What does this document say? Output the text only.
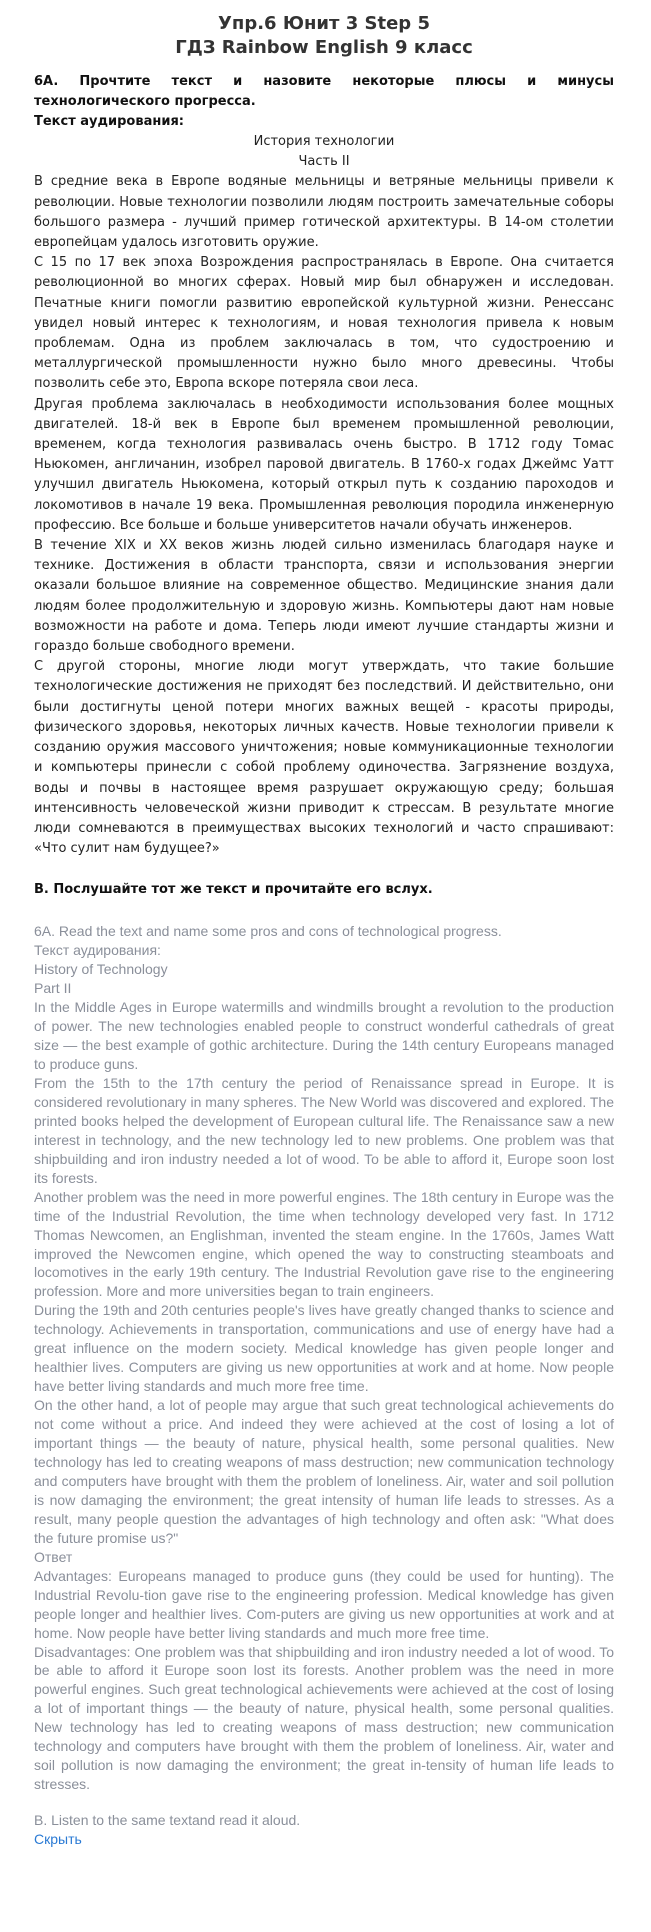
Упр.6 Юнит 3 Step 5
ГДЗ Rainbow English 9 класс

6A. Прочтите текст и назовите некоторые плюсы и минусы технологического прогресса.

Текст аудирования:

История технологии

Часть II

В средние века в Европе водяные мельницы и ветряные мельницы привели к революции. Новые технологии позволили людям построить замечательные соборы большого размера - лучший пример готической архитектуры. В 14-ом столетии европейцам удалось изготовить оружие.

С 15 по 17 век эпоха Возрождения распространялась в Европе. Она считается революционной во многих сферах. Новый мир был обнаружен и исследован. Печатные книги помогли развитию европейской культурной жизни. Ренессанс увидел новый интерес к технологиям, и новая технология привела к новым проблемам. Одна из проблем заключалась в том, что судостроению и металлургической промышленности нужно было много древесины. Чтобы позволить себе это, Европа вскоре потеряла свои леса.

Другая проблема заключалась в необходимости использования более мощных двигателей. 18-й век в Европе был временем промышленной революции, временем, когда технология развивалась очень быстро. В 1712 году Томас Ньюкомен, англичанин, изобрел паровой двигатель. В 1760-х годах Джеймс Уатт улучшил двигатель Ньюкомена, который открыл путь к созданию пароходов и локомотивов в начале 19 века. Промышленная революция породила инженерную профессию. Все больше и больше университетов начали обучать инженеров.

В течение XIX и XX веков жизнь людей сильно изменилась благодаря науке и технике. Достижения в области транспорта, связи и использования энергии оказали большое влияние на современное общество. Медицинские знания дали людям более продолжительную и здоровую жизнь. Компьютеры дают нам новые возможности на работе и дома. Теперь люди имеют лучшие стандарты жизни и гораздо больше свободного времени.

С другой стороны, многие люди могут утверждать, что такие большие технологические достижения не приходят без последствий. И действительно, они были достигнуты ценой потери многих важных вещей - красоты природы, физического здоровья, некоторых личных качеств. Новые технологии привели к созданию оружия массового уничтожения; новые коммуникационные технологии и компьютеры принесли с собой проблему одиночества. Загрязнение воздуха, воды и почвы в настоящее время разрушает окружающую среду; большая интенсивность человеческой жизни приводит к стрессам. В результате многие люди сомневаются в преимуществах высоких технологий и часто спрашивают: «Что сулит нам будущее?»

B. Послушайте тот же текст и прочитайте его вслух.

6A. Read the text and name some pros and cons of technological progress.

Текст аудирования:

History of Technology

Part II

In the Middle Ages in Europe watermills and windmills brought a revolution to the production of power. The new technologies enabled people to construct wonderful cathedrals of great size — the best example of gothic architecture. During the 14th century Europeans managed to produce guns.

From the 15th to the 17th century the period of Renaissance spread in Europe. It is considered revolutionary in many spheres. The New World was discovered and explored. The printed books helped the development of European cultural life. The Renaissance saw a new interest in technology, and the new technology led to new problems. One problem was that shipbuilding and iron industry needed a lot of wood. To be able to afford it, Europe soon lost its forests.

Another problem was the need in more powerful engines. The 18th century in Europe was the time of the Industrial Revolution, the time when technology developed very fast. In 1712 Thomas Newcomen, an Englishman, invented the steam engine. In the 1760s, James Watt improved the Newcomen engine, which opened the way to constructing steamboats and locomotives in the early 19th century. The Industrial Revolution gave rise to the engineering profession. More and more universities began to train engineers.

During the 19th and 20th centuries people's lives have greatly changed thanks to science and technology. Achievements in transportation, communications and use of energy have had a great influence on the modern society. Medical knowledge has given people longer and healthier lives. Computers are giving us new opportunities at work and at home. Now people have better living standards and much more free time.

On the other hand, a lot of people may argue that such great technological achievements do not come without a price. And indeed they were achieved at the cost of losing a lot of important things — the beauty of nature, physical health, some personal qualities. New technology has led to creating weapons of mass destruction; new communication technology and computers have brought with them the problem of loneliness. Air, water and soil pollution is now damaging the environment; the great intensity of human life leads to stresses. As a result, many people question the advantages of high technology and often ask: "What does the future promise us?"

Ответ

Advantages: Europeans managed to produce guns (they could be used for hunting). The Industrial Revolu-tion gave rise to the engineering profession. Medical knowledge has given people longer and healthier lives. Com-puters are giving us new opportunities at work and at home. Now people have better living standards and much more free time.

Disadvantages: One problem was that shipbuilding and iron industry needed a lot of wood. To be able to afford it Europe soon lost its forests. Another problem was the need in more powerful engines. Such great technological achievements were achieved at the cost of losing a lot of important things — the beauty of nature, physical health, some personal qualities. New technology has led to creating weapons of mass destruction; new communication technology and computers have brought with them the problem of loneliness. Air, water and soil pollution is now damaging the environment; the great in-tensity of human life leads to stresses.

B. Listen to the same textand read it aloud.

Скрыть
